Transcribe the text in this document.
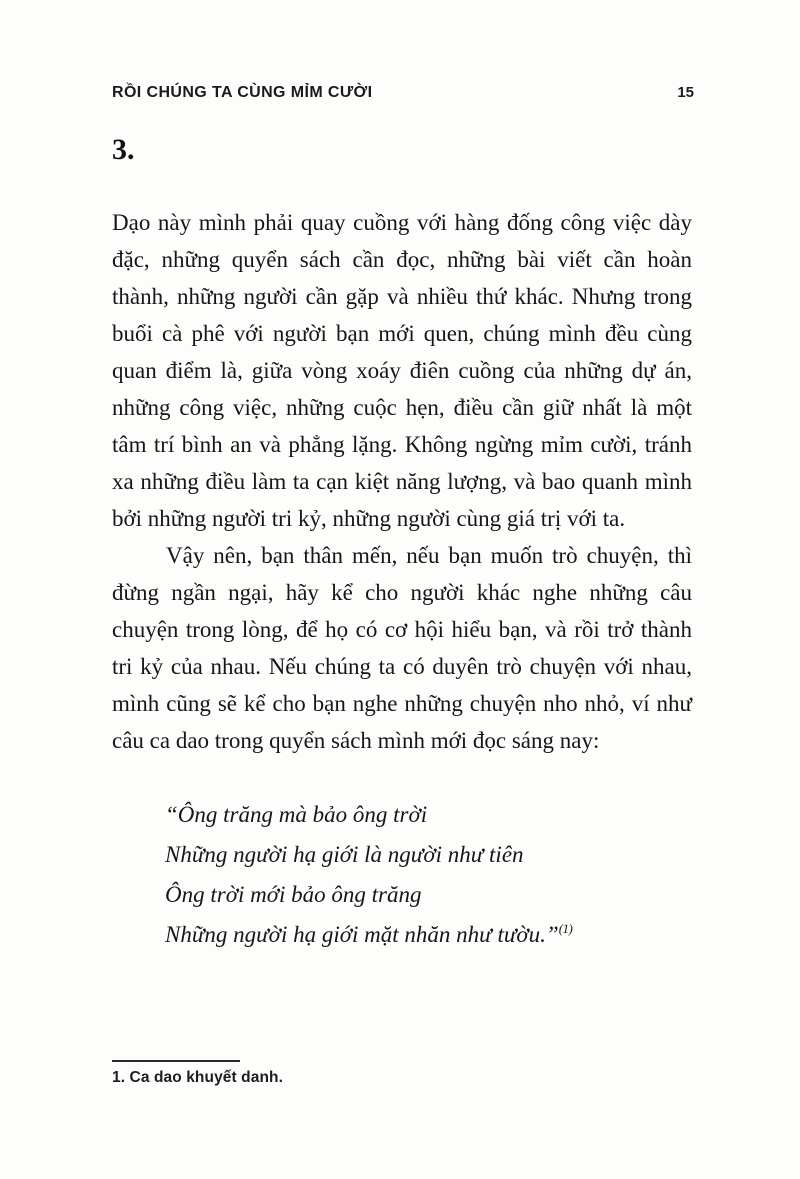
RỒI CHÚNG TA CÙNG MỈM CƯỜI	15
3.

Dạo này mình phải quay cuồng với hàng đống công việc dày đặc, những quyển sách cần đọc, những bài viết cần hoàn thành, những người cần gặp và nhiều thứ khác. Nhưng trong buổi cà phê với người bạn mới quen, chúng mình đều cùng quan điểm là, giữa vòng xoáy điên cuồng của những dự án, những công việc, những cuộc hẹn, điều cần giữ nhất là một tâm trí bình an và phẳng lặng. Không ngừng mỉm cười, tránh xa những điều làm ta cạn kiệt năng lượng, và bao quanh mình bởi những người tri kỷ, những người cùng giá trị với ta.

Vậy nên, bạn thân mến, nếu bạn muốn trò chuyện, thì đừng ngần ngại, hãy kể cho người khác nghe những câu chuyện trong lòng, để họ có cơ hội hiểu bạn, và rồi trở thành tri kỷ của nhau. Nếu chúng ta có duyên trò chuyện với nhau, mình cũng sẽ kể cho bạn nghe những chuyện nho nhỏ, ví như câu ca dao trong quyển sách mình mới đọc sáng nay:

“Ông trăng mà bảo ông trời

Những người hạ giới là người như tiên

Ông trời mới bảo ông trăng

Những người hạ giới mặt nhăn như tườu.”$^{(1)}$

1. Ca dao khuyết danh.
